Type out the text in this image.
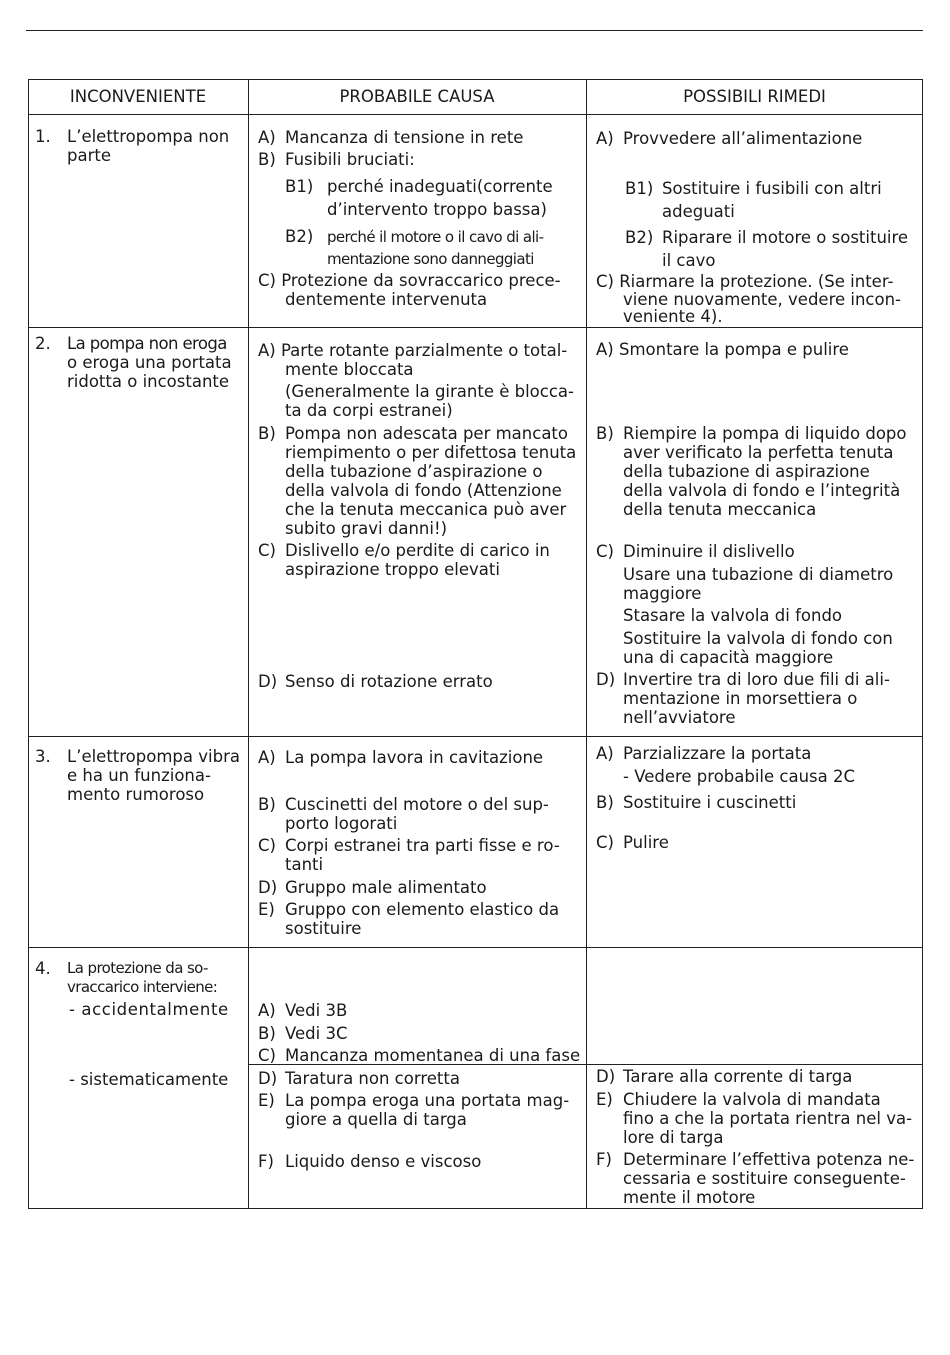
INCONVENIENTE	PROBABILE CAUSA	POSSIBILI RIMEDI
1. L’elettropompa non
parte
A) Mancanza di tensione in rete
B) Fusibili bruciati:
B1) perché inadeguati(corrente
d’intervento troppo bassa)
B2) perché il motore o il cavo di ali-
mentazione sono danneggiati
C) Protezione da sovraccarico prece-
dentemente intervenuta
A) Provvedere all’alimentazione
B1) Sostituire i fusibili con altri
adeguati
B2) Riparare il motore o sostituire
il cavo
C) Riarmare la protezione. (Se inter-
viene nuovamente, vedere incon-
veniente 4).
2. La pompa non eroga
o eroga una portata
ridotta o incostante
A) Parte rotante parzialmente o total-
mente bloccata
(Generalmente la girante è blocca-
ta da corpi estranei)
B) Pompa non adescata per mancato
riempimento o per difettosa tenuta
della tubazione d’aspirazione o
della valvola di fondo (Attenzione
che la tenuta meccanica può aver
subito gravi danni!)
C) Dislivello e/o perdite di carico in
aspirazione troppo elevati
D) Senso di rotazione errato
A) Smontare la pompa e pulire
B) Riempire la pompa di liquido dopo
aver verificato la perfetta tenuta
della tubazione di aspirazione
della valvola di fondo e l’integrità
della tenuta meccanica
C) Diminuire il dislivello
Usare una tubazione di diametro
maggiore
Stasare la valvola di fondo
Sostituire la valvola di fondo con
una di capacità maggiore
D) Invertire tra di loro due fili di ali-
mentazione in morsettiera o
nell’avviatore
3. L’elettropompa vibra
e ha un funziona-
mento rumoroso
A) La pompa lavora in cavitazione
B) Cuscinetti del motore o del sup-
porto logorati
C) Corpi estranei tra parti fisse e ro-
tanti
D) Gruppo male alimentato
E) Gruppo con elemento elastico da
sostituire
A) Parzializzare la portata
- Vedere probabile causa 2C
B) Sostituire i cuscinetti
C) Pulire
4. La protezione da so-
vraccarico interviene:
- accidentalmente
- sistematicamente
A) Vedi 3B
B) Vedi 3C
C) Mancanza momentanea di una fase
D) Taratura non corretta
E) La pompa eroga una portata mag-
giore a quella di targa
F) Liquido denso e viscoso
D) Tarare alla corrente di targa
E) Chiudere la valvola di mandata
fino a che la portata rientra nel va-
lore di targa
F) Determinare l’effettiva potenza ne-
cessaria e sostituire conseguente-
mente il motore
